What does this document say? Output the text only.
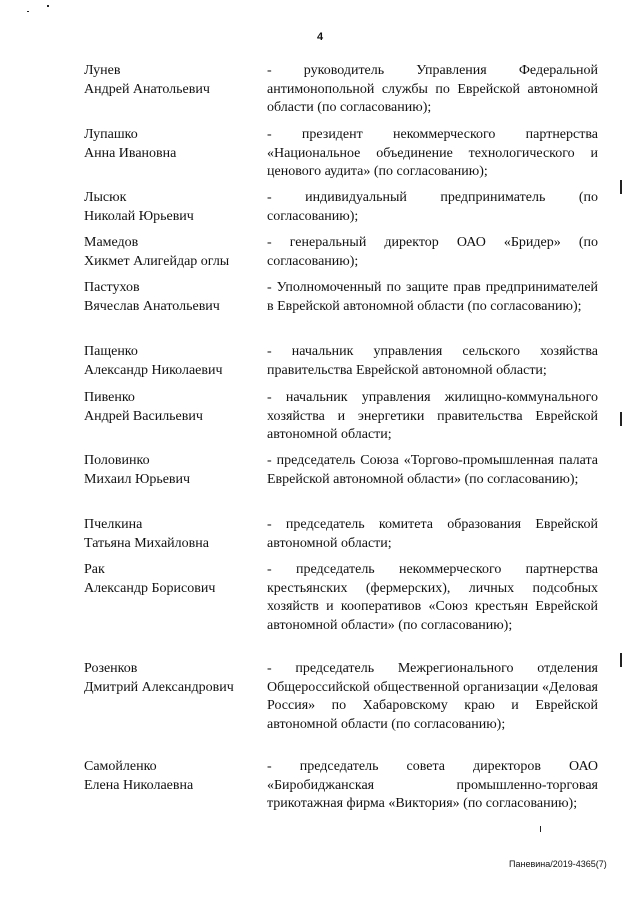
4
Лунев
Андрей Анатольевич
- руководитель Управления Федеральной антимонопольной службы по Еврейской автономной области (по согласованию);
Лупашко
Анна Ивановна
- президент некоммерческого партнерства «Национальное объединение технологического и ценового аудита» (по согласованию);
Лысюк
Николай Юрьевич
- индивидуальный предприниматель (по согласованию);
Мамедов
Хикмет Алигейдар оглы
- генеральный директор ОАО «Бридер» (по согласованию);
Пастухов
Вячеслав Анатольевич
- Уполномоченный по защите прав предпринимателей в Еврейской автономной области (по согласованию);
Пащенко
Александр Николаевич
- начальник управления сельского хозяйства правительства Еврейской автономной области;
Пивенко
Андрей Васильевич
- начальник управления жилищно-коммунального хозяйства и энергетики правительства Еврейской автономной области;
Половинко
Михаил Юрьевич
- председатель Союза «Торгово-промышленная палата Еврейской автономной области» (по согласованию);
Пчелкина
Татьяна Михайловна
- председатель комитета образования Еврейской автономной области;
Рак
Александр Борисович
- председатель некоммерческого партнерства крестьянских (фермерских), личных подсобных хозяйств и кооперативов «Союз крестьян Еврейской автономной области» (по согласованию);
Розенков
Дмитрий Александрович
- председатель Межрегионального отделения Общероссийской общественной организации «Деловая Россия» по Хабаровскому краю и Еврейской автономной области (по согласованию);
Самойленко
Елена Николаевна
- председатель совета директоров ОАО «Биробиджанская промышленно-торговая трикотажная фирма «Виктория» (по согласованию);
Паневина/2019-4365(7)
